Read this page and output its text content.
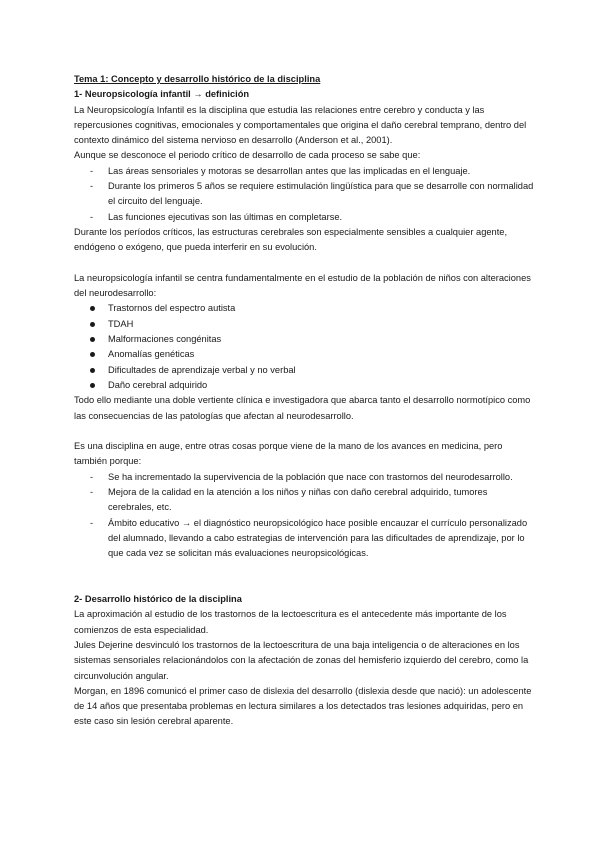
Tema 1: Concepto y desarrollo histórico de la disciplina
1- Neuropsicología infantil → definición

La Neuropsicología Infantil es la disciplina que estudia las relaciones entre cerebro y conducta y las repercusiones cognitivas, emocionales y comportamentales que origina el daño cerebral temprano, dentro del contexto dinámico del sistema nervioso en desarrollo (Anderson et al., 2001).

Aunque se desconoce el periodo crítico de desarrollo de cada proceso se sabe que:

- Las áreas sensoriales y motoras se desarrollan antes que las implicadas en el lenguaje.
- Durante los primeros 5 años se requiere estimulación lingüística para que se desarrolle con normalidad el circuito del lenguaje.
- Las funciones ejecutivas son las últimas en completarse.

Durante los períodos críticos, las estructuras cerebrales son especialmente sensibles a cualquier agente, endógeno o exógeno, que pueda interferir en su evolución.

La neuropsicología infantil se centra fundamentalmente en el estudio de la población de niños con alteraciones del neurodesarrollo:

Trastornos del espectro autista
TDAH
Malformaciones congénitas
Anomalías genéticas
Dificultades de aprendizaje verbal y no verbal
Daño cerebral adquirido

Todo ello mediante una doble vertiente clínica e investigadora que abarca tanto el desarrollo normotípico como las consecuencias de las patologías que afectan al neurodesarrollo.

Es una disciplina en auge, entre otras cosas porque viene de la mano de los avances en medicina, pero también porque:

- Se ha incrementado la supervivencia de la población que nace con trastornos del neurodesarrollo.
- Mejora de la calidad en la atención a los niños y niñas con daño cerebral adquirido, tumores cerebrales, etc.
- Ámbito educativo → el diagnóstico neuropsicológico hace posible encauzar el currículo personalizado del alumnado, llevando a cabo estrategias de intervención para las dificultades de aprendizaje, por lo que cada vez se solicitan más evaluaciones neuropsicológicas.
2- Desarrollo histórico de la disciplina

La aproximación al estudio de los trastornos de la lectoescritura es el antecedente más importante de los comienzos de esta especialidad.

Jules Dejerine desvinculó los trastornos de la lectoescritura de una baja inteligencia o de alteraciones en los sistemas sensoriales relacionándolos con la afectación de zonas del hemisferio izquierdo del cerebro, como la circunvolución angular.

Morgan, en 1896 comunicó el primer caso de dislexia del desarrollo (dislexia desde que nació): un adolescente de 14 años que presentaba problemas en lectura similares a los detectados tras lesiones adquiridas, pero en este caso sin lesión cerebral aparente.
